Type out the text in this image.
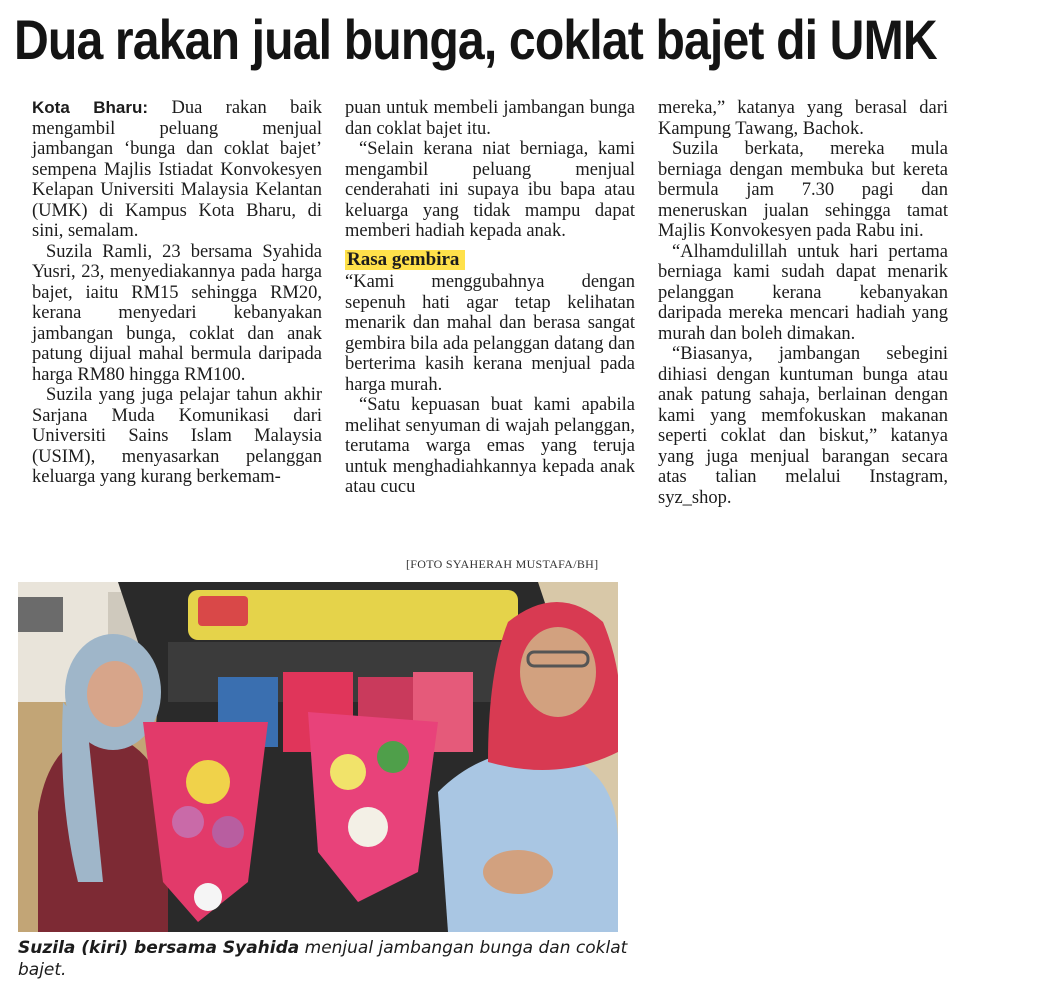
Dua rakan jual bunga, coklat bajet di UMK

Kota Bharu: Dua rakan baik mengambil peluang menjual jambangan ‘bunga dan coklat bajet’ sempena Majlis Istiadat Konvokesyen Kelapan Universiti Malaysia Kelantan (UMK) di Kampus Kota Bharu, di sini, semalam.

Suzila Ramli, 23 bersama Syahida Yusri, 23, menyediakannya pada harga bajet, iaitu RM15 sehingga RM20, kerana menyedari kebanyakan jambangan bunga, coklat dan anak patung dijual mahal bermula daripada harga RM80 hingga RM100.

Suzila yang juga pelajar tahun akhir Sarjana Muda Komunikasi dari Universiti Sains Islam Malaysia (USIM), menyasarkan pelanggan keluarga yang kurang berkemam-

puan untuk membeli jambangan bunga dan coklat bajet itu.

“Selain kerana niat berniaga, kami mengambil peluang menjual cenderahati ini supaya ibu bapa atau keluarga yang tidak mampu dapat memberi hadiah kepada anak.

Rasa gembira

“Kami menggubahnya dengan sepenuh hati agar tetap kelihatan menarik dan mahal dan berasa sangat gembira bila ada pelanggan datang dan berterima kasih kerana menjual pada harga murah.

“Satu kepuasan buat kami apabila melihat senyuman di wajah pelanggan, terutama warga emas yang teruja untuk menghadiahkannya kepada anak atau cucu

mereka,” katanya yang berasal dari Kampung Tawang, Bachok.

Suzila berkata, mereka mula berniaga dengan membuka but kereta bermula jam 7.30 pagi dan meneruskan jualan sehingga tamat Majlis Konvokesyen pada Rabu ini.

“Alhamdulillah untuk hari pertama berniaga kami sudah dapat menarik pelanggan kerana kebanyakan daripada mereka mencari hadiah yang murah dan boleh dimakan.

“Biasanya, jambangan sebegini dihiasi dengan kuntuman bunga atau anak patung sahaja, berlainan dengan kami yang memfokuskan makanan seperti coklat dan biskut,” katanya yang juga menjual barangan secara atas talian melalui Instagram, syz_shop.

[FOTO SYAHERAH MUSTAFA/BH]
Suzila (kiri) bersama Syahida menjual jambangan bunga dan coklat bajet.
